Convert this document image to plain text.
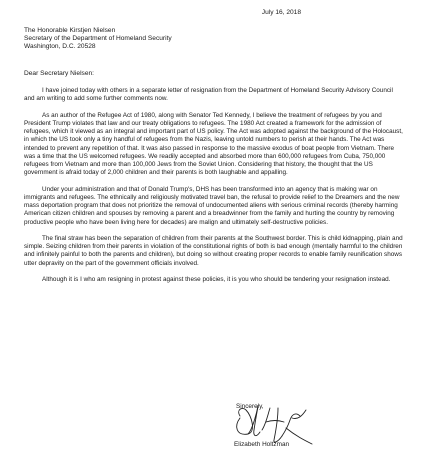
July 16, 2018
The Honorable Kirstjen Nielsen
Secretary of the Department of Homeland Security
Washington, D.C. 20528
Dear Secretary Nielsen:

I have joined today with others in a separate letter of resignation from the Department of Homeland Security Advisory Council and am writing to add some further comments now.

As an author of the Refugee Act of 1980, along with Senator Ted Kennedy, I believe the treatment of refugees by you and President Trump violates that law and our treaty obligations to refugees. The 1980 Act created a framework for the admission of refugees, which it viewed as an integral and important part of US policy. The Act was adopted against the background of the Holocaust, in which the US took only a tiny handful of refugees from the Nazis, leaving untold numbers to perish at their hands. The Act was intended to prevent any repetition of that. It was also passed in response to the massive exodus of boat people from Vietnam. There was a time that the US welcomed refugees. We readily accepted and absorbed more than 600,000 refugees from Cuba, 750,000 refugees from Vietnam and more than 100,000 Jews from the Soviet Union. Considering that history, the thought that the US government is afraid today of 2,000 children and their parents is both laughable and appalling.

Under your administration and that of Donald Trump's, DHS has been transformed into an agency that is making war on immigrants and refugees. The ethnically and religiously motivated travel ban, the refusal to provide relief to the Dreamers and the new mass deportation program that does not prioritize the removal of undocumented aliens with serious criminal records (thereby harming American citizen children and spouses by removing a parent and a breadwinner from the family and hurting the country by removing productive people who have been living here for decades) are malign and ultimately self-destructive policies.

The final straw has been the separation of children from their parents at the Southwest border. This is child kidnapping, plain and simple. Seizing children from their parents in violation of the constitutional rights of both is bad enough (mentally harmful to the children and infinitely painful to both the parents and children), but doing so without creating proper records to enable family reunification shows utter depravity on the part of the government officials involved.

Although it is I who am resigning in protest against these policies, it is you who should be tendering your resignation instead.

Sincerely,
Elizabeth Holtzman
